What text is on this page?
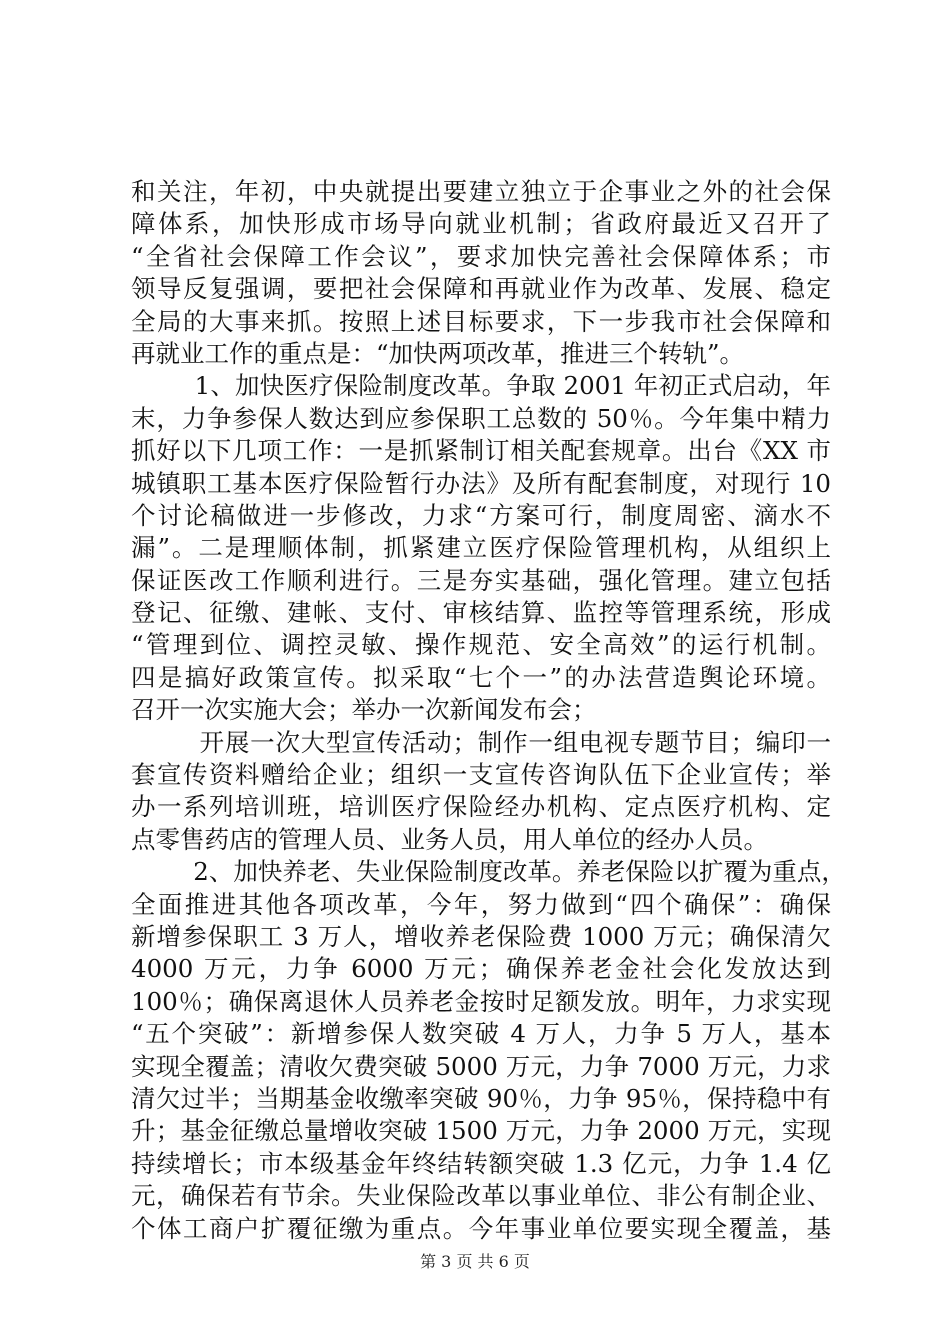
和关注，年初，中央就提出要建立独立于企事业之外的社会保
障体系，加快形成市场导向就业机制；省政府最近又召开了
“全省社会保障工作会议”，要求加快完善社会保障体系；市
领导反复强调，要把社会保障和再就业作为改革、发展、稳定
全局的大事来抓。按照上述目标要求，下一步我市社会保障和
再就业工作的重点是：“加快两项改革，推进三个转轨”。
1、加快医疗保险制度改革。争取 2001 年初正式启动，年
末，力争参保人数达到应参保职工总数的 50％。今年集中精力
抓好以下几项工作：一是抓紧制订相关配套规章。出台《XX 市
城镇职工基本医疗保险暂行办法》及所有配套制度，对现行 10
个讨论稿做进一步修改，力求“方案可行，制度周密、滴水不
漏”。二是理顺体制，抓紧建立医疗保险管理机构，从组织上
保证医改工作顺利进行。三是夯实基础，强化管理。建立包括
登记、征缴、建帐、支付、审核结算、监控等管理系统，形成
“管理到位、调控灵敏、操作规范、安全高效”的运行机制。
四是搞好政策宣传。拟采取“七个一”的办法营造舆论环境。
召开一次实施大会；举办一次新闻发布会；
开展一次大型宣传活动；制作一组电视专题节目；编印一
套宣传资料赠给企业；组织一支宣传咨询队伍下企业宣传；举
办一系列培训班，培训医疗保险经办机构、定点医疗机构、定
点零售药店的管理人员、业务人员，用人单位的经办人员。
2、加快养老、失业保险制度改革。养老保险以扩覆为重点，
全面推进其他各项改革，今年，努力做到“四个确保”：确保
新增参保职工 3 万人，增收养老保险费 1000 万元；确保清欠
4000 万元，力争 6000 万元；确保养老金社会化发放达到
100％；确保离退休人员养老金按时足额发放。明年，力求实现
“五个突破”：新增参保人数突破 4 万人，力争 5 万人，基本
实现全覆盖；清收欠费突破 5000 万元，力争 7000 万元，力求
清欠过半；当期基金收缴率突破 90％，力争 95％，保持稳中有
升；基金征缴总量增收突破 1500 万元，力争 2000 万元，实现
持续增长；市本级基金年终结转额突破 1.3 亿元，力争 1.4 亿
元，确保若有节余。失业保险改革以事业单位、非公有制企业、
个体工商户扩覆征缴为重点。今年事业单位要实现全覆盖，基
第 3 页 共 6 页
